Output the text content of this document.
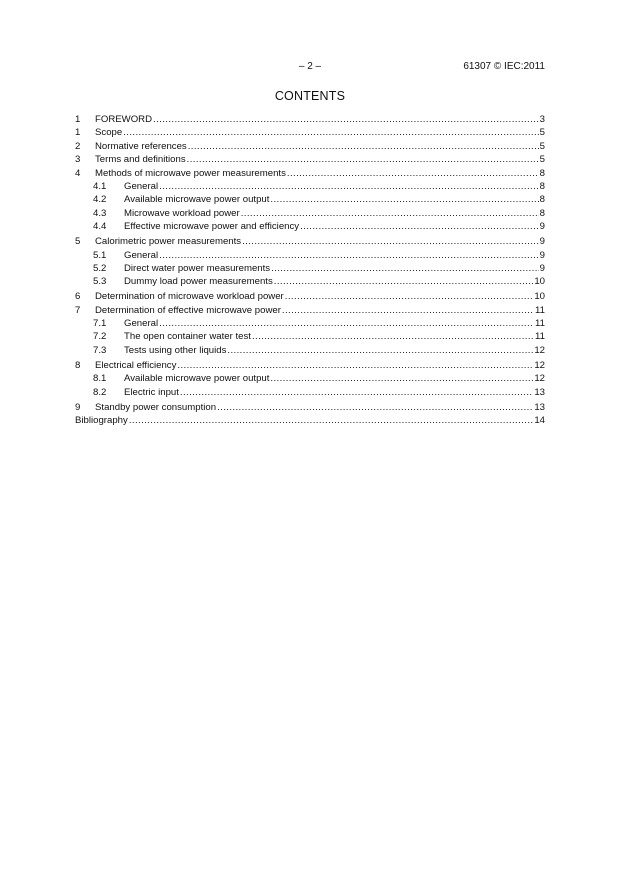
– 2 –	61307 © IEC:2011
CONTENTS
1	FOREWORD .....	3
1	Scope .....	5
2	Normative references .....	5
3	Terms and definitions .....	5
4	Methods of microwave power measurements .....	8
4.1	General .....	8
4.2	Available microwave power output .....	8
4.3	Microwave workload power .....	8
4.4	Effective microwave power and efficiency .....	9
5	Calorimetric power measurements .....	9
5.1	General .....	9
5.2	Direct water power measurements .....	9
5.3	Dummy load power measurements .....	10
6	Determination of microwave workload power .....	10
7	Determination of effective microwave power .....	11
7.1	General .....	11
7.2	The open container water test .....	11
7.3	Tests using other liquids .....	12
8	Electrical efficiency .....	12
8.1	Available microwave power output .....	12
8.2	Electric input .....	13
9	Standby power consumption .....	13
Bibliography .....	14
